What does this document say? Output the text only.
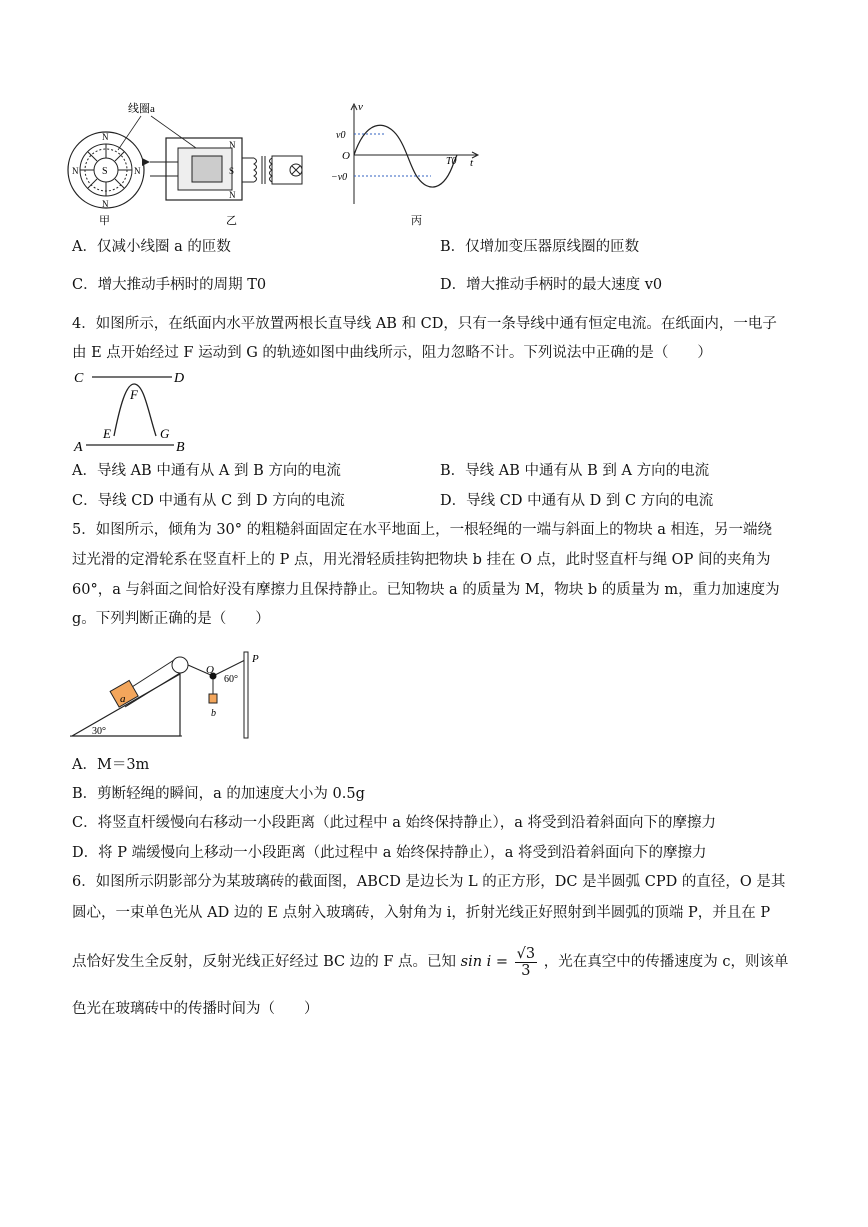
S
N
N
N	N
线圈a
N
S
N
甲	乙
v
t
O
v0
−v0
T0
丙
A．仅减小线圈 a 的匝数	B．仅增加变压器原线圈的匝数
C．增大推动手柄时的周期 T0	D．增大推动手柄时的最大速度 v0
4．如图所示，在纸面内水平放置两根长直导线 AB 和 CD，只有一条导线中通有恒定电流。在纸面内，一电子
由 E 点开始经过 F 运动到 G 的轨迹如图中曲线所示，阻力忽略不计。下列说法中正确的是（　　）
C	D
F
E	G
A	B
A．导线 AB 中通有从 A 到 B 方向的电流	B．导线 AB 中通有从 B 到 A 方向的电流
C．导线 CD 中通有从 C 到 D 方向的电流	D．导线 CD 中通有从 D 到 C 方向的电流
5．如图所示，倾角为 30° 的粗糙斜面固定在水平地面上，一根轻绳的一端与斜面上的物块 a 相连，另一端绕
过光滑的定滑轮系在竖直杆上的 P 点，用光滑轻质挂钩把物块 b 挂在 O 点，此时竖直杆与绳 OP 间的夹角为
60°，a 与斜面之间恰好没有摩擦力且保持静止。已知物块 a 的质量为 M，物块 b 的质量为 m，重力加速度为
g。下列判断正确的是（　　）
a
b
O
P
60°
30°
A．M＝3m
B．剪断轻绳的瞬间，a 的加速度大小为 0.5g
C．将竖直杆缓慢向右移动一小段距离（此过程中 a 始终保持静止），a 将受到沿着斜面向下的摩擦力
D．将 P 端缓慢向上移动一小段距离（此过程中 a 始终保持静止），a 将受到沿着斜面向下的摩擦力
6．如图所示阴影部分为某玻璃砖的截面图，ABCD 是边长为 L 的正方形，DC 是半圆弧 CPD 的直径，O 是其
圆心，一束单色光从 AD 边的 E 点射入玻璃砖，入射角为 i，折射光线正好照射到半圆弧的顶端 P，并且在 P
点恰好发生全反射，反射光线正好经过 BC 边的 F 点。已知 $\sin i = \frac{√3}{3}$ ，光在真空中的传播速度为 c，则该单
色光在玻璃砖中的传播时间为（　　）
